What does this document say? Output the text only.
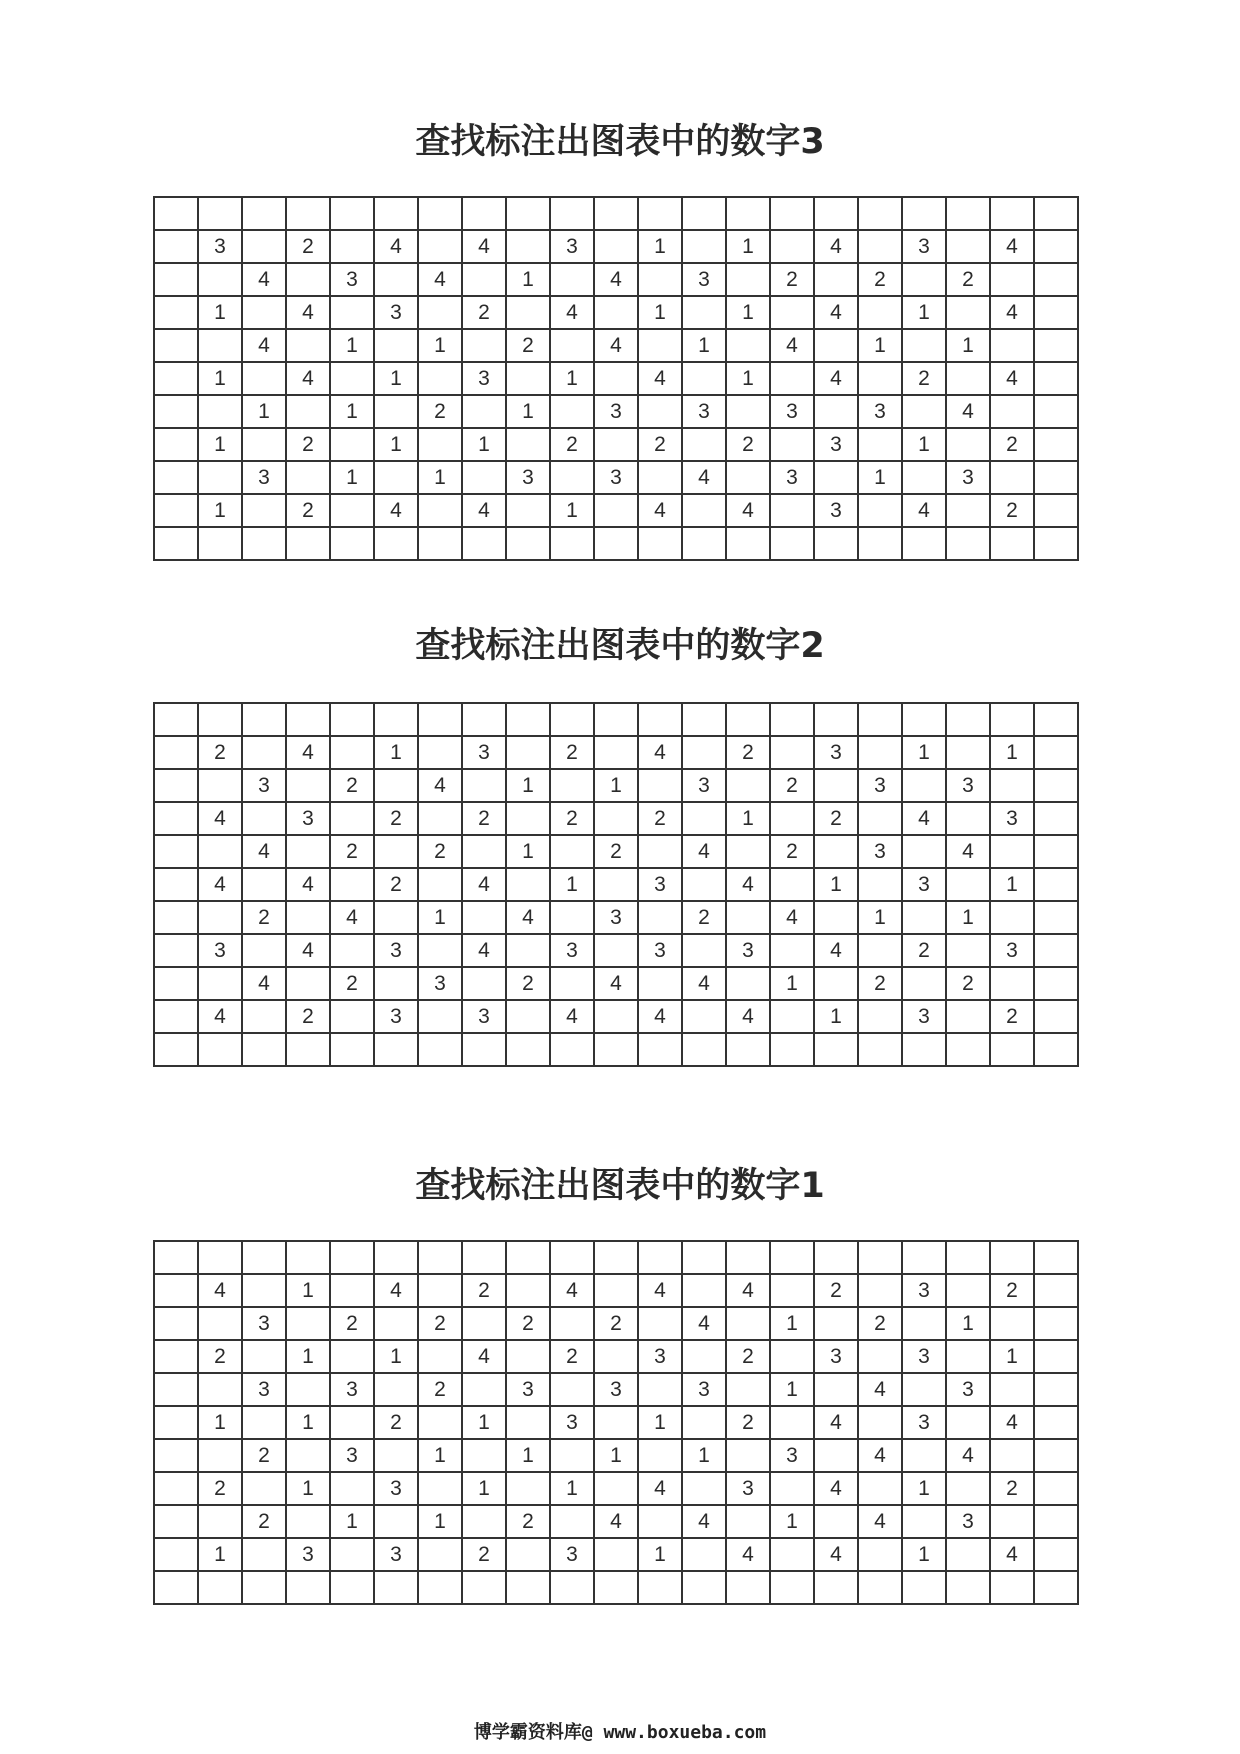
查找标注出图表中的数字3

	3		2		4		4		3		1		1		4		3		4	
		4		3		4		1		4		3		2		2		2		
	1		4		3		2		4		1		1		4		1		4	
		4		1		1		2		4		1		4		1		1		
	1		4		1		3		1		4		1		4		2		4	
		1		1		2		1		3		3		3		3		4		
	1		2		1		1		2		2		2		3		1		2	
		3		1		1		3		3		4		3		1		3		
	1		2		4		4		1		4		4		3		4		2	

查找标注出图表中的数字2

	2		4		1		3		2		4		2		3		1		1	
		3		2		4		1		1		3		2		3		3		
	4		3		2		2		2		2		1		2		4		3	
		4		2		2		1		2		4		2		3		4		
	4		4		2		4		1		3		4		1		3		1	
		2		4		1		4		3		2		4		1		1		
	3		4		3		4		3		3		3		4		2		3	
		4		2		3		2		4		4		1		2		2		
	4		2		3		3		4		4		4		1		3		2	

查找标注出图表中的数字1

	4		1		4		2		4		4		4		2		3		2	
		3		2		2		2		2		4		1		2		1		
	2		1		1		4		2		3		2		3		3		1	
		3		3		2		3		3		3		1		4		3		
	1		1		2		1		3		1		2		4		3		4	
		2		3		1		1		1		1		3		4		4		
	2		1		3		1		1		4		3		4		1		2	
		2		1		1		2		4		4		1		4		3		
	1		3		3		2		3		1		4		4		1		4	

博学霸资料库@ www.boxueba.com
